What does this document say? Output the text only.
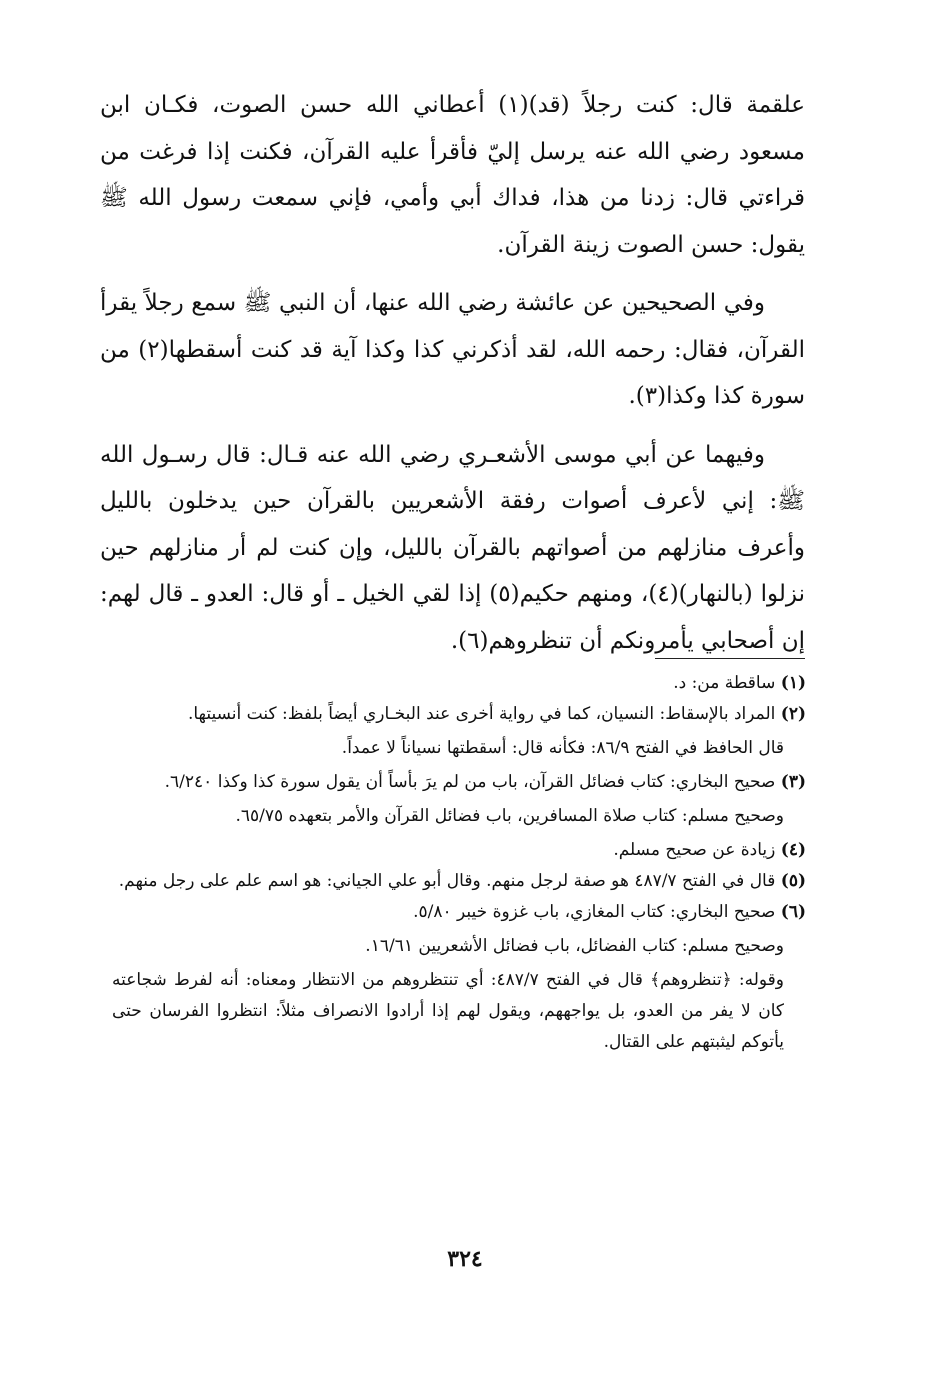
علقمة قال: كنت رجلاً (قد)(١) أعطاني الله حسن الصوت، فكـان ابن مسعود رضي الله عنه يرسل إليّ فأقرأ عليه القرآن، فكنت إذا فرغت من قراءتي قال: زدنا من هذا، فداك أبي وأمي، فإني سمعت رسول الله ﷺ يقول: حسن الصوت زينة القرآن.

وفي الصحيحين عن عائشة رضي الله عنها، أن النبي ﷺ سمع رجلاً يقرأ القرآن، فقال: رحمه الله، لقد أذكرني كذا وكذا آية قد كنت أسقطها(٢) من سورة كذا وكذا(٣).

وفيهما عن أبي موسى الأشعـري رضي الله عنه قـال: قال رسـول الله ﷺ: إني لأعرف أصوات رفقة الأشعريين بالقرآن حين يدخلون بالليل وأعرف منازلهم من أصواتهم بالقرآن بالليل، وإن كنت لم أر منازلهم حين نزلوا (بالنهار)(٤)، ومنهم حكيم(٥) إذا لقي الخيل ـ أو قال: العدو ـ قال لهم: إن أصحابي يأمرونكم أن تنظروهم(٦).

(١) ساقطة من: د.

(٢) المراد بالإسقاط: النسيان، كما في رواية أخرى عند البخـاري أيضاً بلفظ: كنت أنسيتها.

قال الحافظ في الفتح ٨٦/٩: فكأنه قال: أسقطتها نسياناً لا عمداً.

(٣) صحيح البخاري: كتاب فضائل القرآن، باب من لم يرَ بأساً أن يقول سورة كذا وكذا ٦/٢٤٠.

وصحيح مسلم: كتاب صلاة المسافرين، باب فضائل القرآن والأمر بتعهده ٦٥/٧٥.

(٤) زيادة عن صحيح مسلم.

(٥) قال في الفتح ٤٨٧/٧ هو صفة لرجل منهم. وقال أبو علي الجياني: هو اسم علم على رجل منهم.

(٦) صحيح البخاري: كتاب المغازي، باب غزوة خيبر ٥/٨٠.

وصحيح مسلم: كتاب الفضائل، باب فضائل الأشعريين ١٦/٦١.

وقوله: ﴿تنظروهم﴾ قال في الفتح ٤٨٧/٧: أي تنتظروهم من الانتظار ومعناه: أنه لفرط شجاعته كان لا يفر من العدو، بل يواجههم، ويقول لهم إذا أرادوا الانصراف مثلاً: انتظروا الفرسان حتى يأتوكم ليثبتهم على القتال.

٣٢٤
